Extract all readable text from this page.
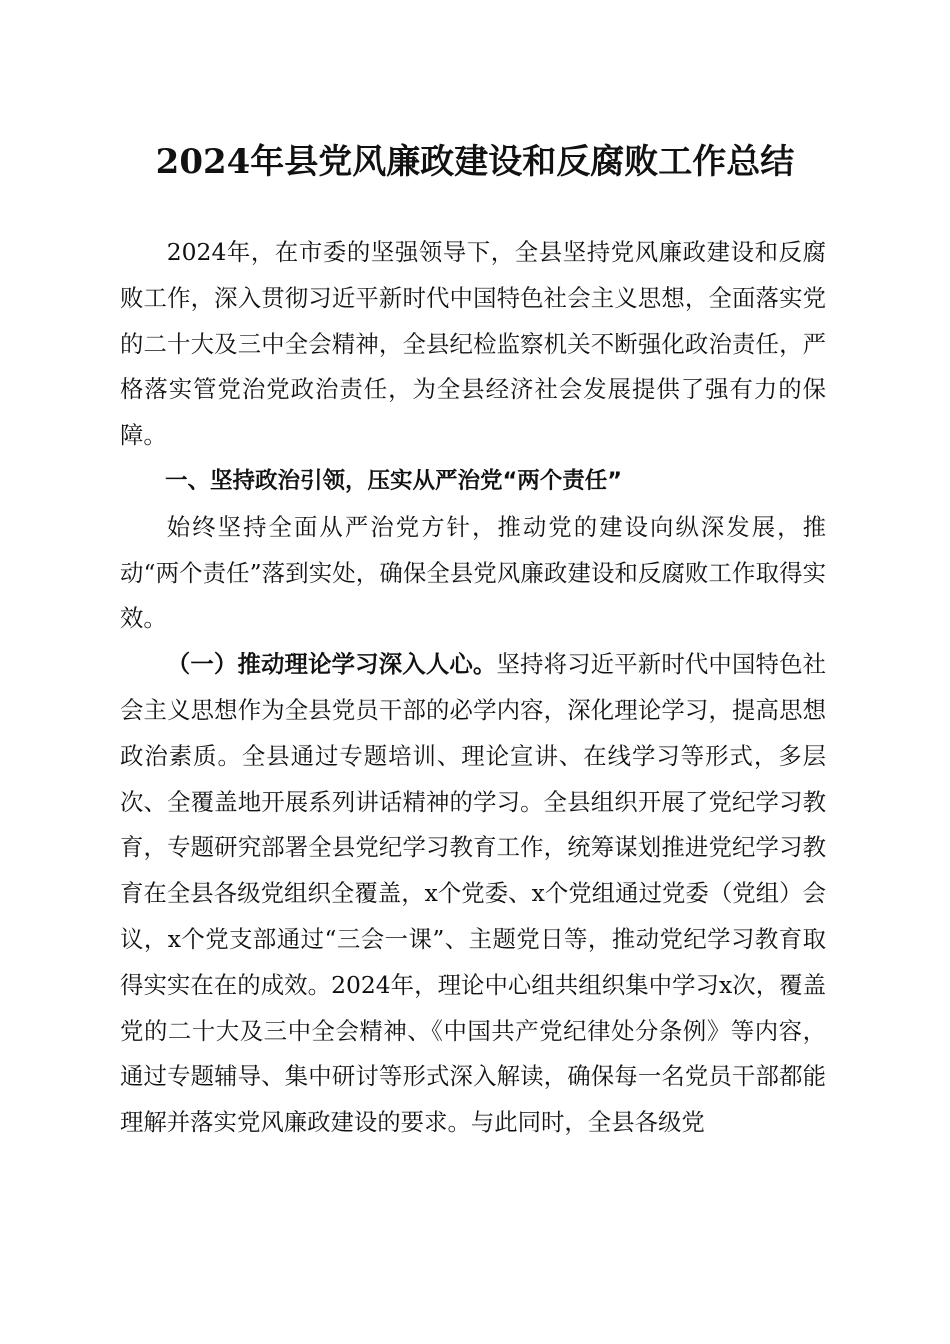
2024年县党风廉政建设和反腐败工作总结

2024年，在市委的坚强领导下，全县坚持党风廉政建设和反腐败工作，深入贯彻习近平新时代中国特色社会主义思想，全面落实党的二十大及三中全会精神，全县纪检监察机关不断强化政治责任，严格落实管党治党政治责任，为全县经济社会发展提供了强有力的保障。

一、坚持政治引领，压实从严治党“两个责任”

始终坚持全面从严治党方针，推动党的建设向纵深发展，推动“两个责任”落到实处，确保全县党风廉政建设和反腐败工作取得实效。

（一）推动理论学习深入人心。坚持将习近平新时代中国特色社会主义思想作为全县党员干部的必学内容，深化理论学习，提高思想政治素质。全县通过专题培训、理论宣讲、在线学习等形式，多层次、全覆盖地开展系列讲话精神的学习。全县组织开展了党纪学习教育，专题研究部署全县党纪学习教育工作，统筹谋划推进党纪学习教育在全县各级党组织全覆盖，x个党委、x个党组通过党委（党组）会议，x个党支部通过“三会一课”、主题党日等，推动党纪学习教育取得实实在在的成效。2024年，理论中心组共组织集中学习x次，覆盖党的二十大及三中全会精神、《中国共产党纪律处分条例》等内容，通过专题辅导、集中研讨等形式深入解读，确保每一名党员干部都能理解并落实党风廉政建设的要求。与此同时，全县各级党
